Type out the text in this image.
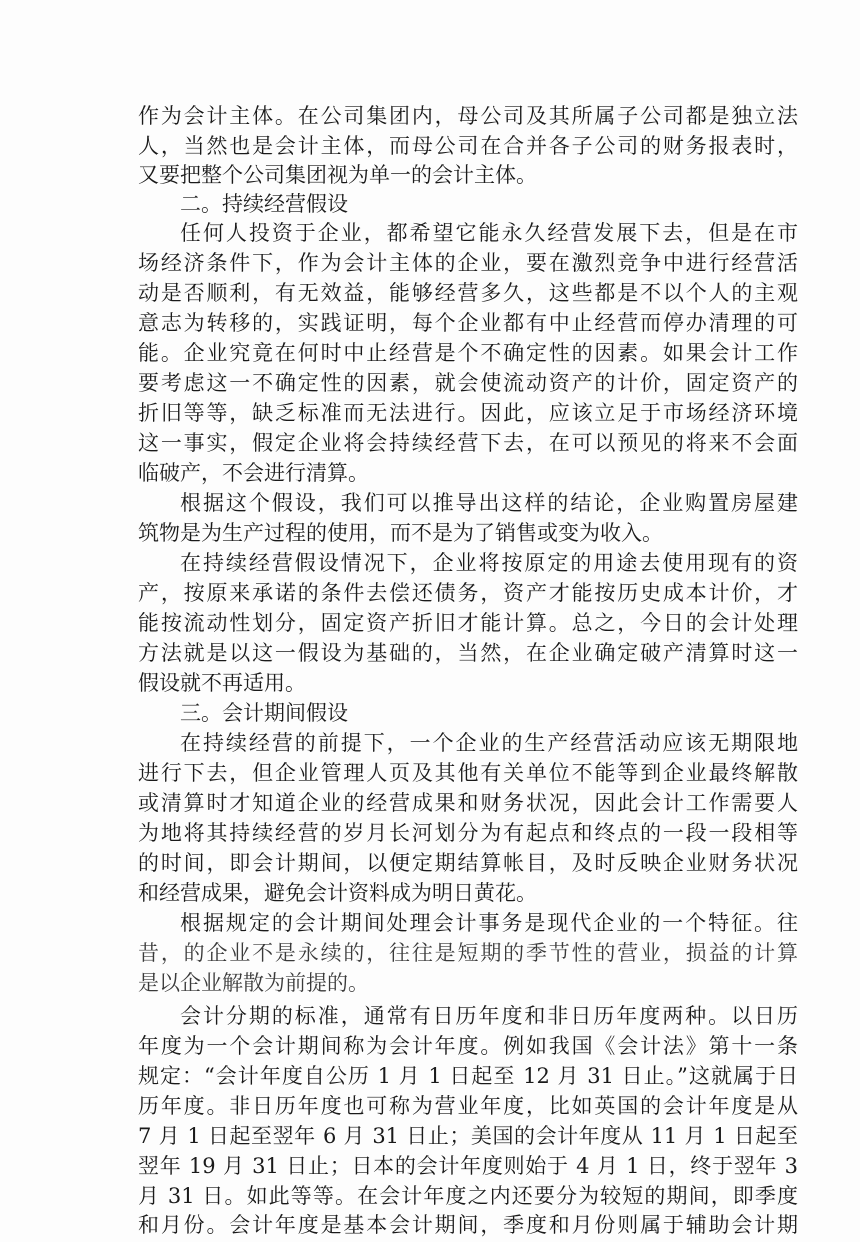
作为会计主体。在公司集团内，母公司及其所属子公司都是独立法

人，当然也是会计主体，而母公司在合并各子公司的财务报表时，

又要把整个公司集团视为单一的会计主体。

二。持续经营假设

任何人投资于企业，都希望它能永久经营发展下去，但是在市

场经济条件下，作为会计主体的企业，要在激烈竞争中进行经营活

动是否顺利，有无效益，能够经营多久，这些都是不以个人的主观

意志为转移的，实践证明，每个企业都有中止经营而停办清理的可

能。企业究竟在何时中止经营是个不确定性的因素。如果会计工作

要考虑这一不确定性的因素，就会使流动资产的计价，固定资产的

折旧等等，缺乏标准而无法进行。因此，应该立足于市场经济环境

这一事实，假定企业将会持续经营下去，在可以预见的将来不会面

临破产，不会进行清算。

根据这个假设，我们可以推导出这样的结论，企业购置房屋建

筑物是为生产过程的使用，而不是为了销售或变为收入。

在持续经营假设情况下，企业将按原定的用途去使用现有的资

产，按原来承诺的条件去偿还债务，资产才能按历史成本计价，才

能按流动性划分，固定资产折旧才能计算。总之，今日的会计处理

方法就是以这一假设为基础的，当然，在企业确定破产清算时这一

假设就不再适用。

三。会计期间假设

在持续经营的前提下，一个企业的生产经营活动应该无期限地

进行下去，但企业管理人页及其他有关单位不能等到企业最终解散

或清算时才知道企业的经营成果和财务状况，因此会计工作需要人

为地将其持续经营的岁月长河划分为有起点和终点的一段一段相等

的时间，即会计期间，以便定期结算帐目，及时反映企业财务状况

和经营成果，避免会计资料成为明日黄花。

根据规定的会计期间处理会计事务是现代企业的一个特征。往

昔，的企业不是永续的，往往是短期的季节性的营业，损益的计算

是以企业解散为前提的。

会计分期的标准，通常有日历年度和非日历年度两种。以日历

年度为一个会计期间称为会计年度。例如我国《会计法》第十一条

规定：“会计年度自公历 1 月 1 日起至 12 月 31 日止。”这就属于日

历年度。非日历年度也可称为营业年度，比如英国的会计年度是从

7 月 1 日起至翌年 6 月 31 日止；美国的会计年度从 11 月 1 日起至

翌年 19 月 31 日止；日本的会计年度则始于 4 月 1 日，终于翌年 3

月 31 日。如此等等。在会计年度之内还要分为较短的期间，即季度

和月份。会计年度是基本会计期间，季度和月份则属于辅助会计期
